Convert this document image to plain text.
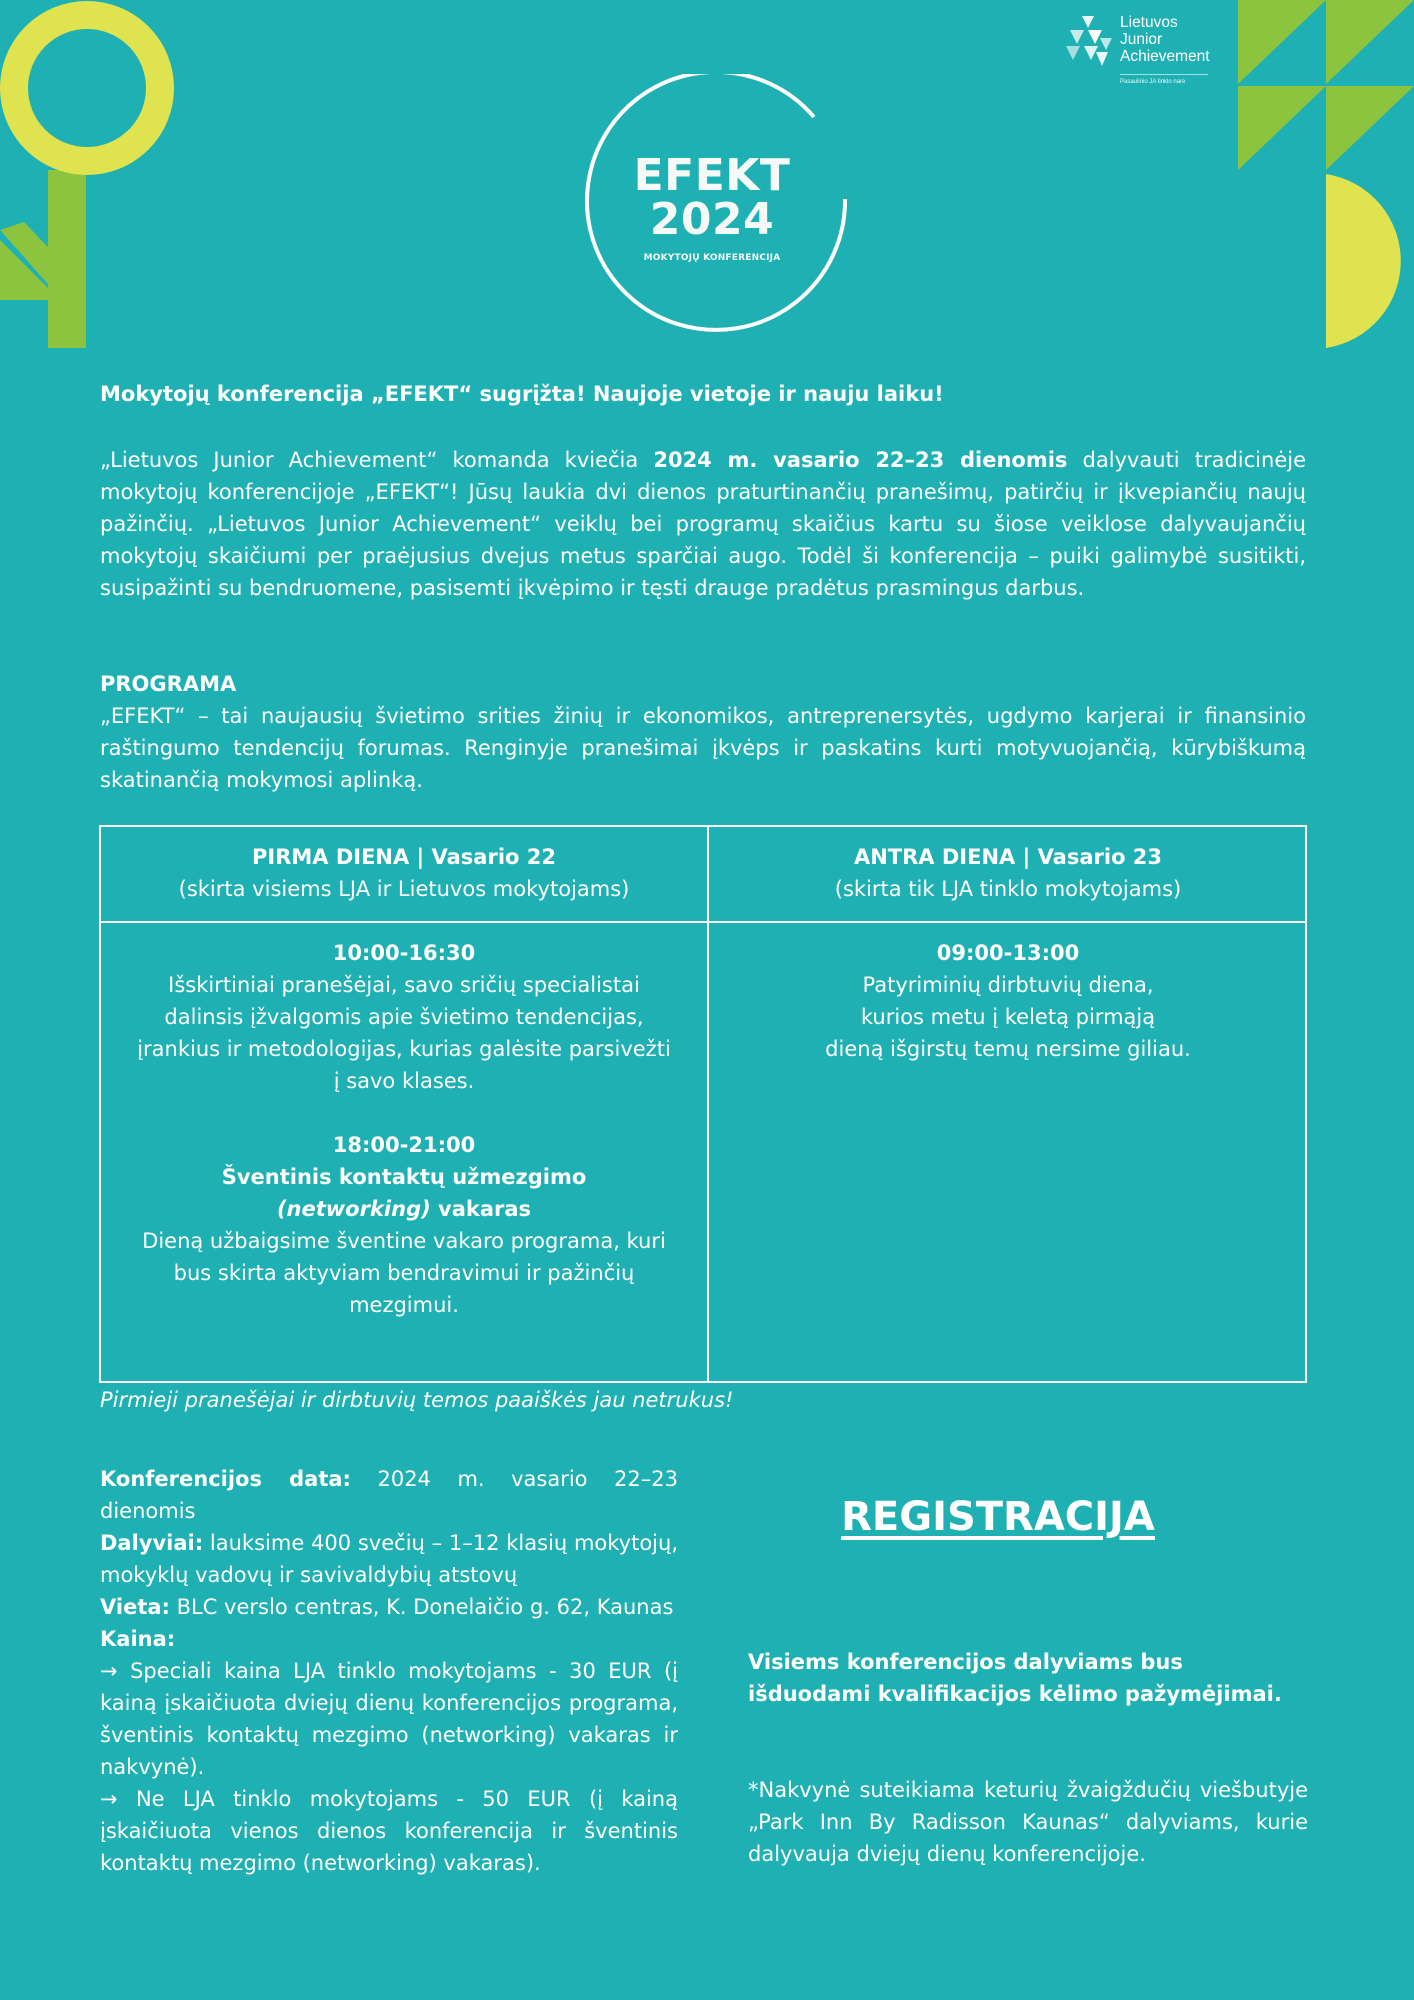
Lietuvos
Junior
Achievement
Pasaulinio JA tinklo narė
EFEKT
2024
MOKYTOJŲ KONFERENCIJA
Mokytojų konferencija „EFEKT“ sugrįžta! Naujoje vietoje ir nauju laiku!
„Lietuvos Junior Achievement“ komanda kviečia 2024 m. vasario 22–23 dienomis dalyvauti tradicinėje mokytojų konferencijoje „EFEKT“! Jūsų laukia dvi dienos praturtinančių pranešimų, patirčių ir įkvepiančių naujų pažinčių. „Lietuvos Junior Achievement“ veiklų bei programų skaičius kartu su šiose veiklose dalyvaujančių mokytojų skaičiumi per praėjusius dvejus metus sparčiai augo. Todėl ši konferencija – puiki galimybė susitikti, susipažinti su bendruomene, pasisemti įkvėpimo ir tęsti drauge pradėtus prasmingus darbus.
PROGRAMA
„EFEKT“ – tai naujausių švietimo srities žinių ir ekonomikos, antreprenersytės, ugdymo karjerai ir finansinio raštingumo tendencijų forumas. Renginyje pranešimai įkvėps ir paskatins kurti motyvuojančią, kūrybiškumą skatinančią mokymosi aplinką.
PIRMA DIENA | Vasario 22
(skirta visiems LJA ir Lietuvos mokytojams)
ANTRA DIENA | Vasario 23
(skirta tik LJA tinklo mokytojams)
10:00-16:30
Išskirtiniai pranešėjai, savo sričių specialistai dalinsis įžvalgomis apie švietimo tendencijas, įrankius ir metodologijas, kurias galėsite parsivežti į savo klases.
18:00-21:00
Šventinis kontaktų užmezgimo
(networking) vakaras
Dieną užbaigsime šventine vakaro programa, kuri bus skirta aktyviam bendravimui ir pažinčių mezgimui.
09:00-13:00
Patyriminių dirbtuvių diena,
kurios metu į keletą pirmąją
dieną išgirstų temų nersime giliau.
Pirmieji pranešėjai ir dirbtuvių temos paaiškės jau netrukus!

Konferencijos data: 2024 m. vasario 22–23 dienomis

Dalyviai: lauksime 400 svečių – 1–12 klasių mokytojų, mokyklų vadovų ir savivaldybių atstovų

Vieta: BLC verslo centras, K. Donelaičio g. 62, Kaunas

Kaina:

→ Speciali kaina LJA tinklo mokytojams - 30 EUR (į kainą įskaičiuota dviejų dienų konferencijos programa, šventinis kontaktų mezgimo (networking) vakaras ir nakvynė).

→ Ne LJA tinklo mokytojams - 50 EUR (į kainą įskaičiuota vienos dienos konferencija ir šventinis kontaktų mezgimo (networking) vakaras).

REGISTRACIJA
Visiems konferencijos dalyviams bus išduodami kvalifikacijos kėlimo pažymėjimai.
*Nakvynė suteikiama keturių žvaigždučių viešbutyje „Park Inn By Radisson Kaunas“ dalyviams, kurie dalyvauja dviejų dienų konferencijoje.
